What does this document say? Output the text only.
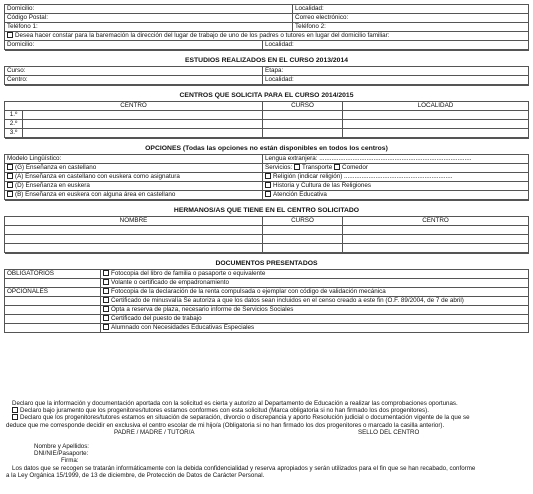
Domicilio:		Localidad:
Código Postal:		Correo electrónico:
Teléfono 1:		Teléfono 2:
Desea hacer constar para la baremación la dirección del lugar de trabajo de uno de los padres o tutores en lugar del domicilio familiar:		
Domicilio:	Localidad:	
ESTUDIOS REALIZADOS EN EL CURSO 2013/2014	
Curso:	Etapa:
Centro:	Localidad:
CENTROS QUE SOLICITA PARA EL CURSO 2014/2015			
CENTRO		CURSO	LOCALIDAD
1.º			
2.º			
3.º			
OPCIONES (Todas las opciones no están disponibles en todos los centros)	
Modelo Lingüístico:	Lengua extranjera: .......................................................................................
(G) Enseñanza en castellano	Servicios: Transporte Comedor
(A) Enseñanza en castellano con euskera como asignatura	Religión (indicar religión) ..............................................................
(D) Enseñanza en euskera	Historia y Cultura de las Religiones
(B) Enseñanza en euskera con alguna área en castellano	Atención Educativa
HERMANOS/AS QUE TIENE EN EL CENTRO SOLICITADO		
NOMBRE	CURSO	CENTRO

DOCUMENTOS PRESENTADOS	
OBLIGATORIOS	Fotocopia del libro de familia o pasaporte o equivalente
	Volante o certificado de empadronamiento
OPCIONALES	Fotocopia de la declaración de la renta compulsada o ejemplar con código de validación mecánica
	Certificado de minusvalía Se autoriza a que los datos sean incluidos en el censo creado a este fin (O.F. 89/2004, de 7 de abril)
	Opta a reserva de plaza, necesario informe de Servicios Sociales
	Certificado del puesto de trabajo
	Alumnado con Necesidades Educativas Especiales

Declaro que la información y documentación aportada con la solicitud es cierta y autorizo al Departamento de Educación a realizar las comprobaciones oportunas.

Declaro bajo juramento que los progenitores/tutores estamos conformes con esta solicitud (Marca obligatoria si no han firmado los dos progenitores).

Declaro que los progenitores/tutores estamos en situación de separación, divorcio o discrepancia y aporto Resolución judicial o documentación vigente de la que se

deduce que me corresponde decidir en exclusiva el centro escolar de mi hijo/a (Obligatoria si no han firmado los dos progenitores o marcado la casilla anterior).

PADRE / MADRE / TUTOR/A	SELLO DEL CENTRO

Nombre y Apellidos:

DNI/NIE/Pasaporte:

Firma:

Los datos que se recogen se tratarán informáticamente con la debida confidencialidad y reserva apropiados y serán utilizados para el fin que se han recabado, conforme

a la Ley Orgánica 15/1999, de 13 de diciembre, de Protección de Datos de Carácter Personal.
